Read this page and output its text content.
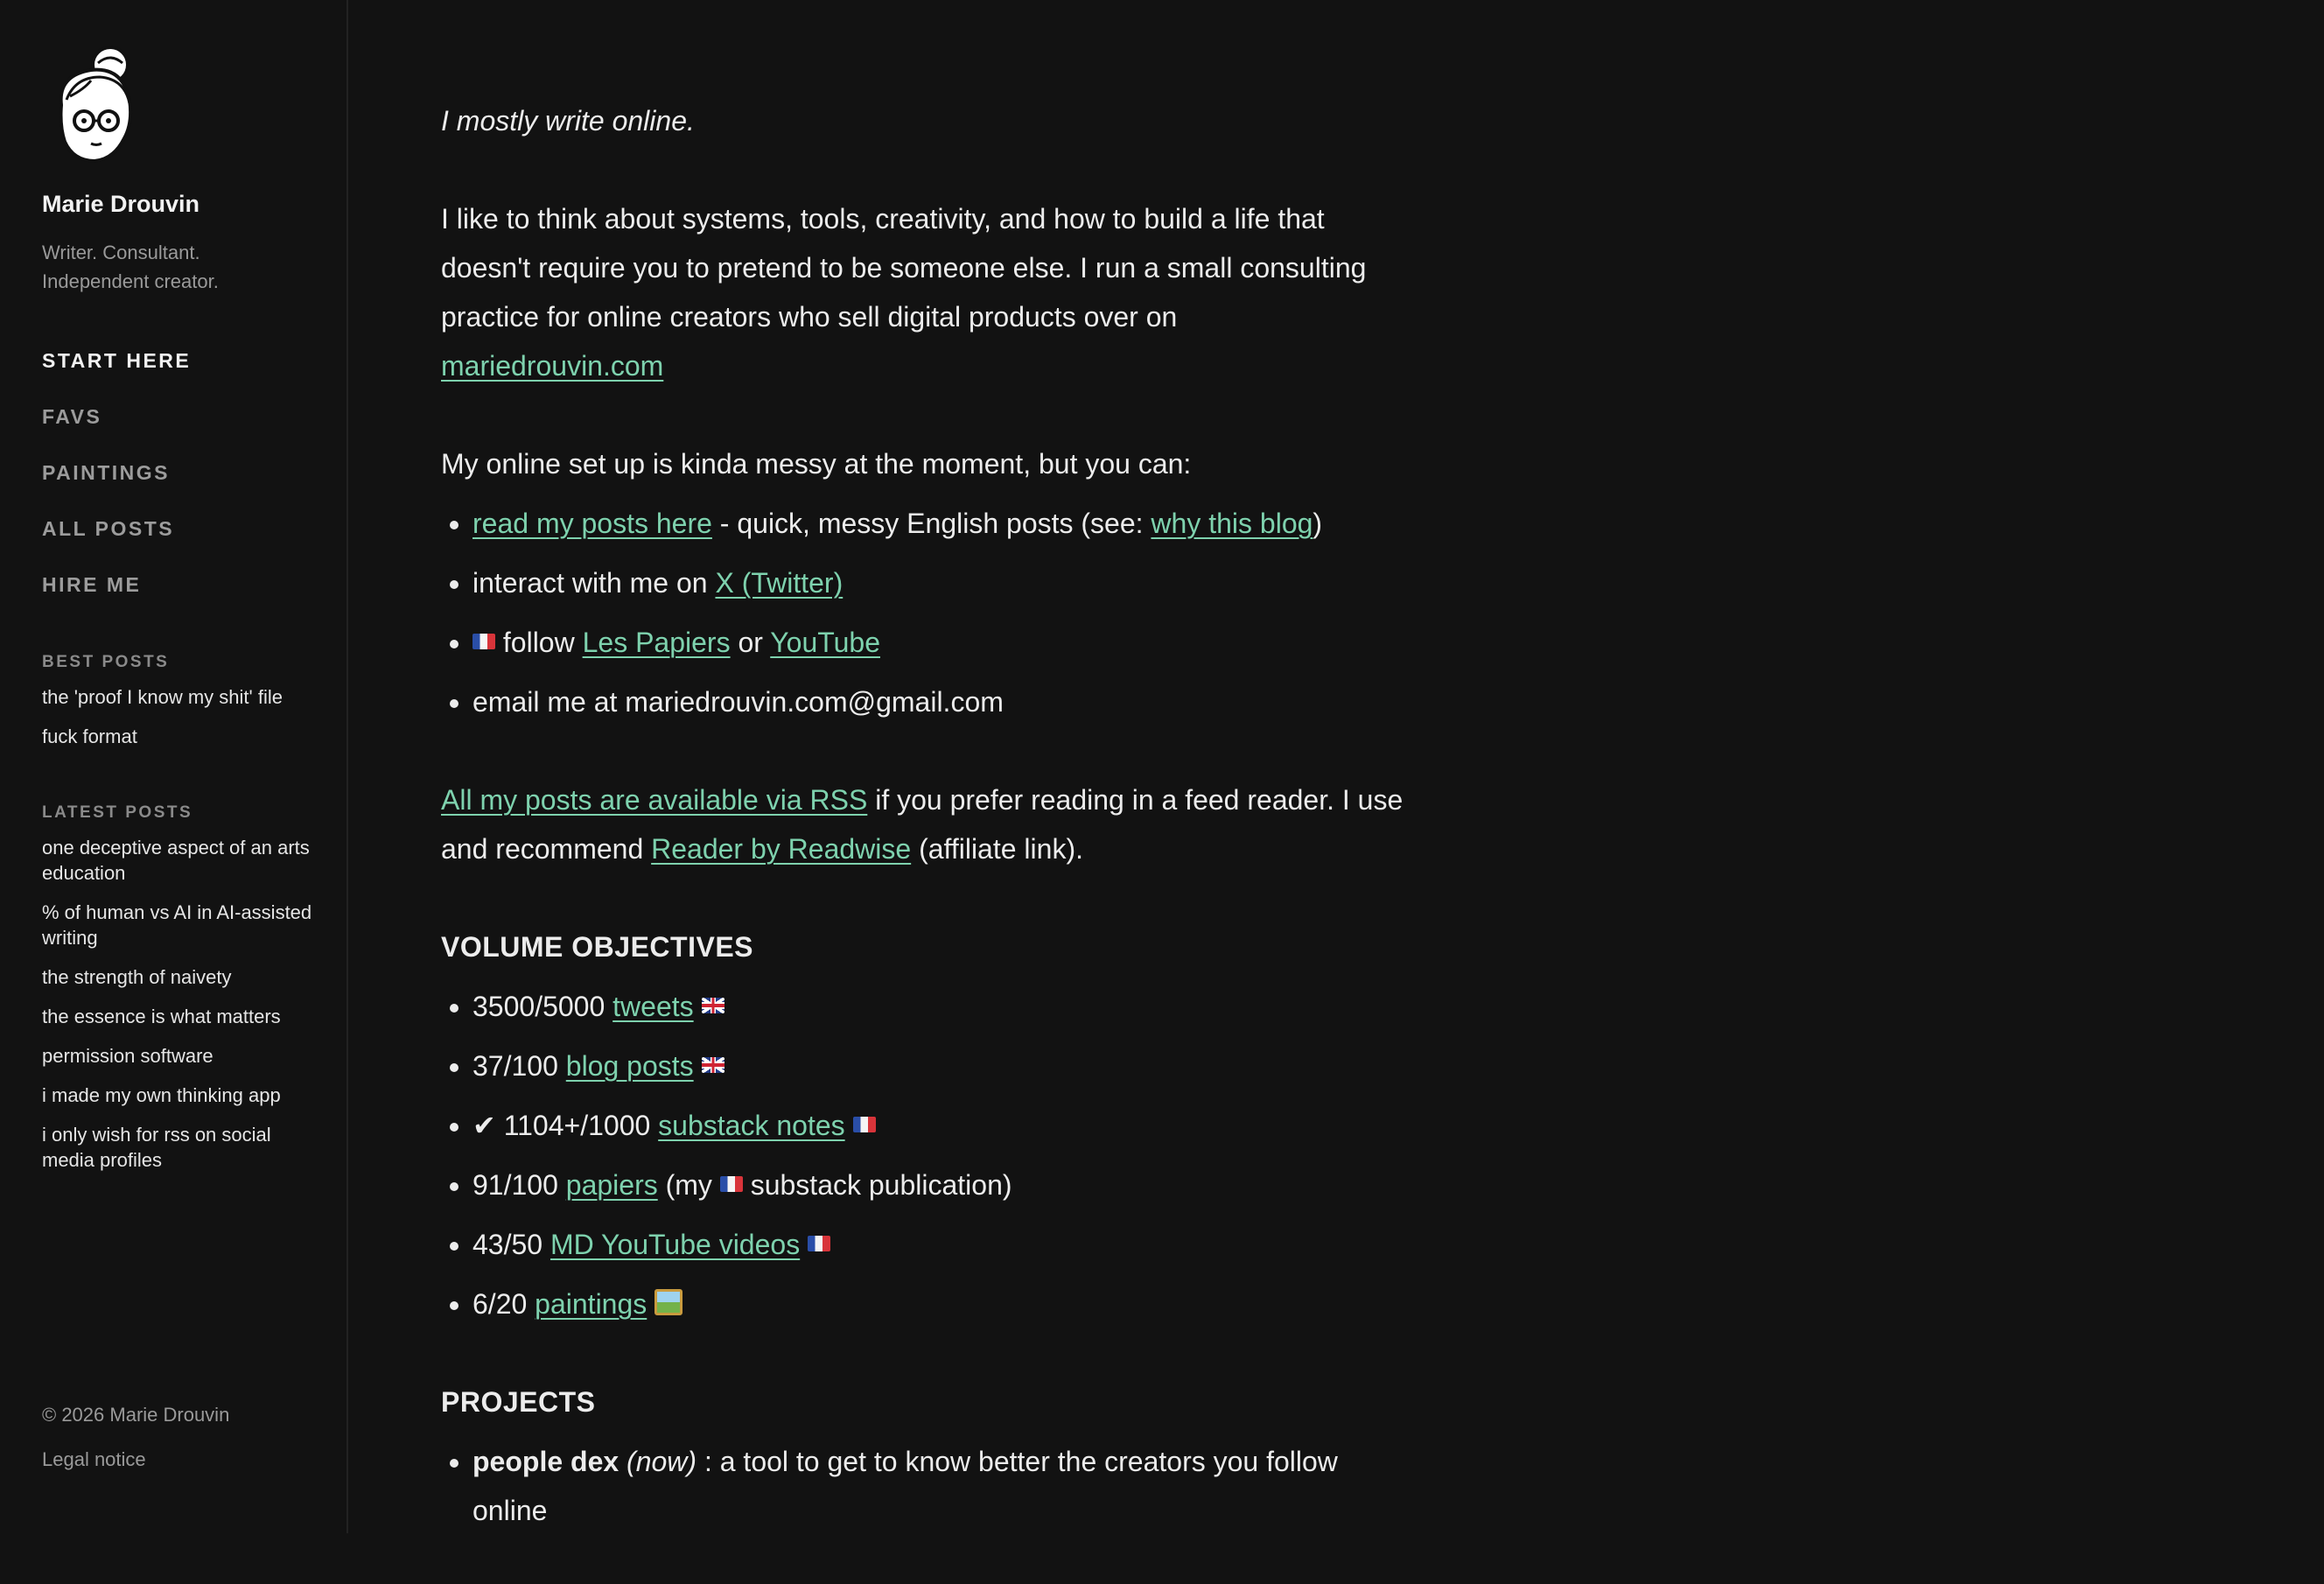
Marie Drouvin
Writer. Consultant. Independent creator.
START HERE
FAVS
PAINTINGS
ALL POSTS
HIRE ME
BEST POSTS
the 'proof I know my shit' file
fuck format
LATEST POSTS
one deceptive aspect of an arts education
% of human vs AI in AI-assisted writing
the strength of naivety
the essence is what matters
permission software
i made my own thinking app
i only wish for rss on social media profiles
© 2026 Marie Drouvin
Legal notice

I mostly write online.

I like to think about systems, tools, creativity, and how to build a life that doesn't require you to pretend to be someone else. I run a small consulting practice for online creators who sell digital products over on mariedrouvin.com

My online set up is kinda messy at the moment, but you can:

• read my posts here - quick, messy English posts (see: why this blog)
• interact with me on X (Twitter)
• follow Les Papiers or YouTube
• email me at mariedrouvin.com@gmail.com

All my posts are available via RSS if you prefer reading in a feed reader. I use and recommend Reader by Readwise (affiliate link).

VOLUME OBJECTIVES
• 3500/5000 tweets
• 37/100 blog posts
• ✔ 1104+/1000 substack notes
• 91/100 papiers (my  substack publication)
• 43/50 MD YouTube videos
• 6/20 paintings
PROJECTS
• people dex (now) : a tool to get to know better the creators you follow online
